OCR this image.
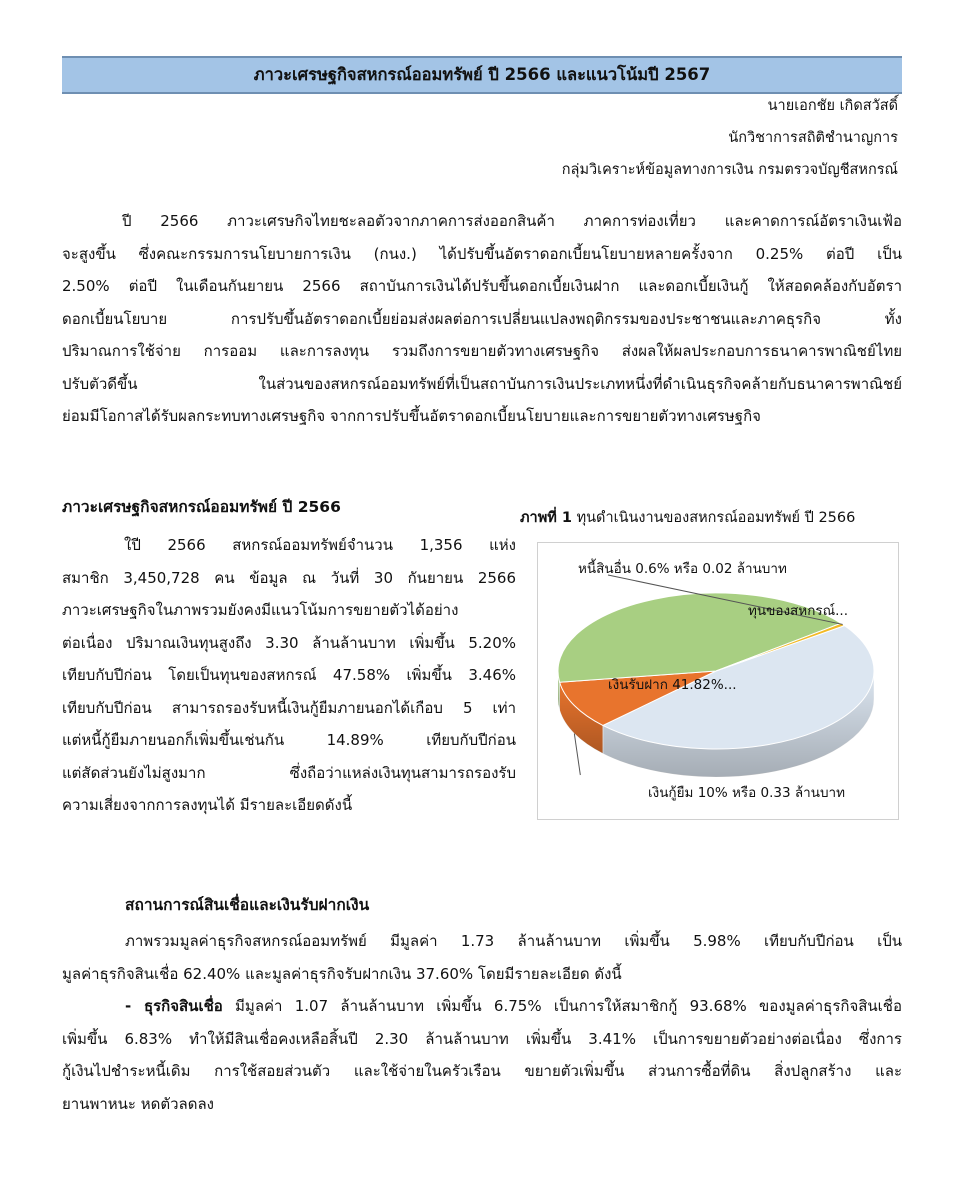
ภาวะเศรษฐกิจสหกรณ์ออมทรัพย์ ปี 2566 และแนวโน้มปี 2567
นายเอกชัย เกิดสวัสดิ์
นักวิชาการสถิติชำนาญการ
กลุ่มวิเคราะห์ข้อมูลทางการเงิน กรมตรวจบัญชีสหกรณ์
ปี 2566 ภาวะเศรษกิจไทยชะลอตัวจากภาคการส่งออกสินค้า ภาคการท่องเที่ยว และคาดการณ์อัตราเงินเฟ้อ
จะสูงขึ้น ซึ่งคณะกรรมการนโยบายการเงิน (กนง.) ได้ปรับขึ้นอัตราดอกเบี้ยนโยบายหลายครั้งจาก 0.25% ต่อปี เป็น
2.50% ต่อปี ในเดือนกันยายน 2566 สถาบันการเงินได้ปรับขึ้นดอกเบี้ยเงินฝาก และดอกเบี้ยเงินกู้ ให้สอดคล้องกับอัตรา
ดอกเบี้ยนโยบาย การปรับขึ้นอัตราดอกเบี้ยย่อมส่งผลต่อการเปลี่ยนแปลงพฤติกรรมของประชาชนและภาคธุรกิจ ทั้ง
ปริมาณการใช้จ่าย การออม และการลงทุน รวมถึงการขยายตัวทางเศรษฐกิจ ส่งผลให้ผลประกอบการธนาคารพาณิชย์ไทย
ปรับตัวดีขึ้น ในส่วนของสหกรณ์ออมทรัพย์ที่เป็นสถาบันการเงินประเภทหนึ่งที่ดำเนินธุรกิจคล้ายกับธนาคารพาณิชย์
ย่อมมีโอกาสได้รับผลกระทบทางเศรษฐกิจ จากการปรับขึ้นอัตราดอกเบี้ยนโยบายและการขยายตัวทางเศรษฐกิจ
ภาวะเศรษฐกิจสหกรณ์ออมทรัพย์ ปี 2566
ใปี 2566 สหกรณ์ออมทรัพย์จำนวน 1,356 แห่ง
สมาชิก 3,450,728 คน ข้อมูล ณ วันที่ 30 กันยายน 2566
ภาวะเศรษฐกิจในภาพรวมยังคงมีแนวโน้มการขยายตัวได้อย่าง
ต่อเนื่อง ปริมาณเงินทุนสูงถึง 3.30 ล้านล้านบาท เพิ่มขึ้น 5.20%
เทียบกับปีก่อน โดยเป็นทุนของสหกรณ์ 47.58% เพิ่มขึ้น 3.46%
เทียบกับปีก่อน สามารถรองรับหนี้เงินกู้ยืมภายนอกได้เกือบ 5 เท่า
แต่หนี้กู้ยืมภายนอกก็เพิ่มขึ้นเช่นกัน 14.89% เทียบกับปีก่อน
แต่สัดส่วนยังไม่สูงมาก ซึ่งถือว่าแหล่งเงินทุนสามารถรองรับ
ความเสี่ยงจากการลงทุนได้ มีรายละเอียดดังนี้
ภาพที่ 1 ทุนดำเนินงานของสหกรณ์ออมทรัพย์ ปี 2566
หนี้สินอื่น 0.6% หรือ 0.02 ล้านบาท
ทุนของสหกรณ์...
เงินรับฝาก 41.82%...
เงินกู้ยืม 10% หรือ 0.33 ล้านบาท
สถานการณ์สินเชื่อและเงินรับฝากเงิน
ภาพรวมมูลค่าธุรกิจสหกรณ์ออมทรัพย์ มีมูลค่า 1.73 ล้านล้านบาท เพิ่มขึ้น 5.98% เทียบกับปีก่อน เป็น
มูลค่าธุรกิจสินเชื่อ 62.40% และมูลค่าธุรกิจรับฝากเงิน 37.60% โดยมีรายละเอียด ดังนี้
- ธุรกิจสินเชื่อ มีมูลค่า 1.07 ล้านล้านบาท เพิ่มขึ้น 6.75% เป็นการให้สมาชิกกู้ 93.68% ของมูลค่าธุรกิจสินเชื่อ
เพิ่มขึ้น 6.83% ทำให้มีสินเชื่อคงเหลือสิ้นปี 2.30 ล้านล้านบาท เพิ่มขึ้น 3.41% เป็นการขยายตัวอย่างต่อเนื่อง ซึ่งการ
กู้เงินไปชำระหนี้เดิม การใช้สอยส่วนตัว และใช้จ่ายในครัวเรือน ขยายตัวเพิ่มขึ้น ส่วนการซื้อที่ดิน สิ่งปลูกสร้าง และ
ยานพาหนะ หดตัวลดลง
